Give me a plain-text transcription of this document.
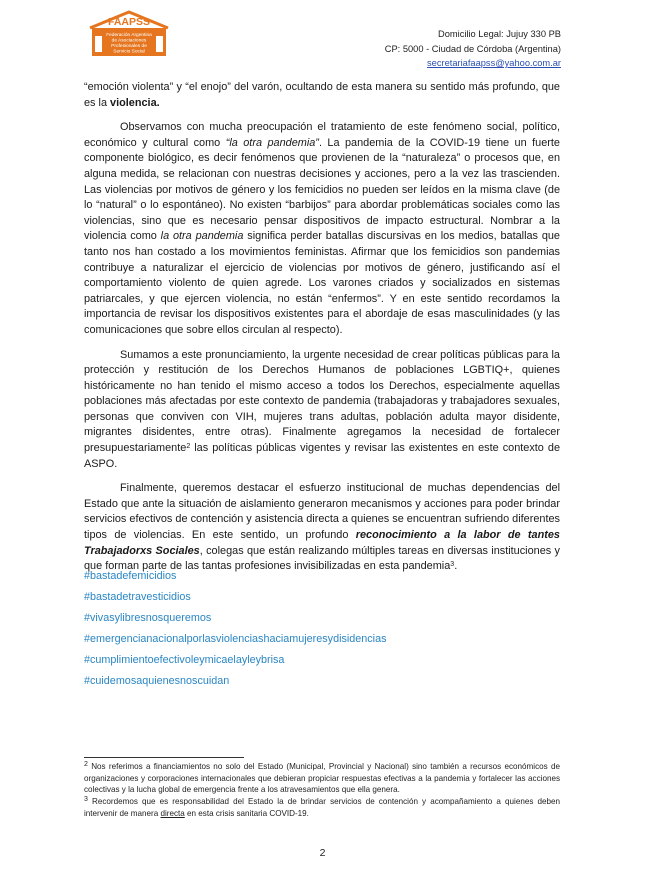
FAAPSS
Federación Argentina
de Asociaciones
Profesionales de
Servicio Social
Domicilio Legal: Jujuy 330 PB
CP: 5000 - Ciudad de Córdoba (Argentina)
secretariafaapss@yahoo.com.ar

“emoción violenta” y “el enojo” del varón, ocultando de esta manera su sentido más profundo, que es la violencia.

Observamos con mucha preocupación el tratamiento de este fenómeno social, político, económico y cultural como “la otra pandemia”. La pandemia de la COVID-19 tiene un fuerte componente biológico, es decir fenómenos que provienen de la “naturaleza” o procesos que, en alguna medida, se relacionan con nuestras decisiones y acciones, pero a la vez las trascienden. Las violencias por motivos de género y los femicidios no pueden ser leídos en la misma clave (de lo “natural” o lo espontáneo). No existen “barbijos” para abordar problemáticas sociales como las violencias, sino que es necesario pensar dispositivos de impacto estructural. Nombrar a la violencia como la otra pandemia significa perder batallas discursivas en los medios, batallas que tanto nos han costado a los movimientos feministas. Afirmar que los femicidios son pandemias contribuye a naturalizar el ejercicio de violencias por motivos de género, justificando así el comportamiento violento de quien agrede. Los varones criados y socializados en sistemas patriarcales, y que ejercen violencia, no están “enfermos”. Y en este sentido recordamos la importancia de revisar los dispositivos existentes para el abordaje de esas masculinidades (y las comunicaciones que sobre ellos circulan al respecto).

Sumamos a este pronunciamiento, la urgente necesidad de crear políticas públicas para la protección y restitución de los Derechos Humanos de poblaciones LGBTIQ+, quienes históricamente no han tenido el mismo acceso a todos los Derechos, especialmente aquellas poblaciones más afectadas por este contexto de pandemia (trabajadoras y trabajadores sexuales, personas que conviven con VIH, mujeres trans adultas, población adulta mayor disidente, migrantes disidentes, entre otras). Finalmente agregamos la necesidad de fortalecer presupuestariamente$^2$ las políticas públicas vigentes y revisar las existentes en este contexto de ASPO.

Finalmente, queremos destacar el esfuerzo institucional de muchas dependencias del Estado que ante la situación de aislamiento generaron mecanismos y acciones para poder brindar servicios efectivos de contención y asistencia directa a quienes se encuentran sufriendo diferentes tipos de violencias. En este sentido, un profundo reconocimiento a la labor de tantes Trabajadorxs Sociales, colegas que están realizando múltiples tareas en diversas instituciones y que forman parte de las tantas profesiones invisibilizadas en esta pandemia$^3$.

#bastadefemicidios
#bastadetravesticidios
#vivasylibresnosqueremos
#emergencianacionalporlasviolenciashaciamujeresydisidencias
#cumplimientoefectivoleymicaelayleybrisa
#cuidemosaquienesnoscuidan

$^2$ Nos referimos a financiamientos no solo del Estado (Municipal, Provincial y Nacional) sino también a recursos económicos de organizaciones y corporaciones internacionales que debieran propiciar respuestas efectivas a la pandemia y fortalecer las acciones colectivas y la lucha global de emergencia frente a los atravesamientos que ella genera.

$^3$ Recordemos que es responsabilidad del Estado la de brindar servicios de contención y acompañamiento a quienes deben intervenir de manera directa en esta crisis sanitaria COVID-19.

2
